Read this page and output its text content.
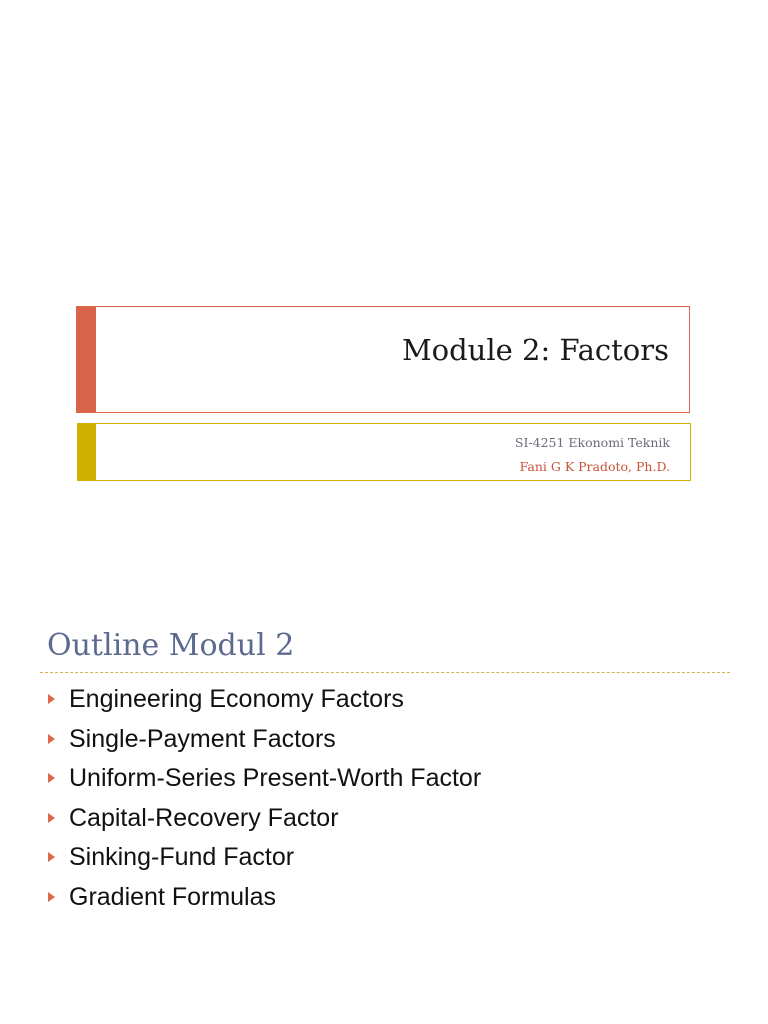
Module 2: Factors
SI-4251 Ekonomi Teknik
Fani G K Pradoto, Ph.D.
Outline Modul 2
Engineering Economy Factors
Single-Payment Factors
Uniform-Series Present-Worth Factor
Capital-Recovery Factor
Sinking-Fund Factor
Gradient Formulas
